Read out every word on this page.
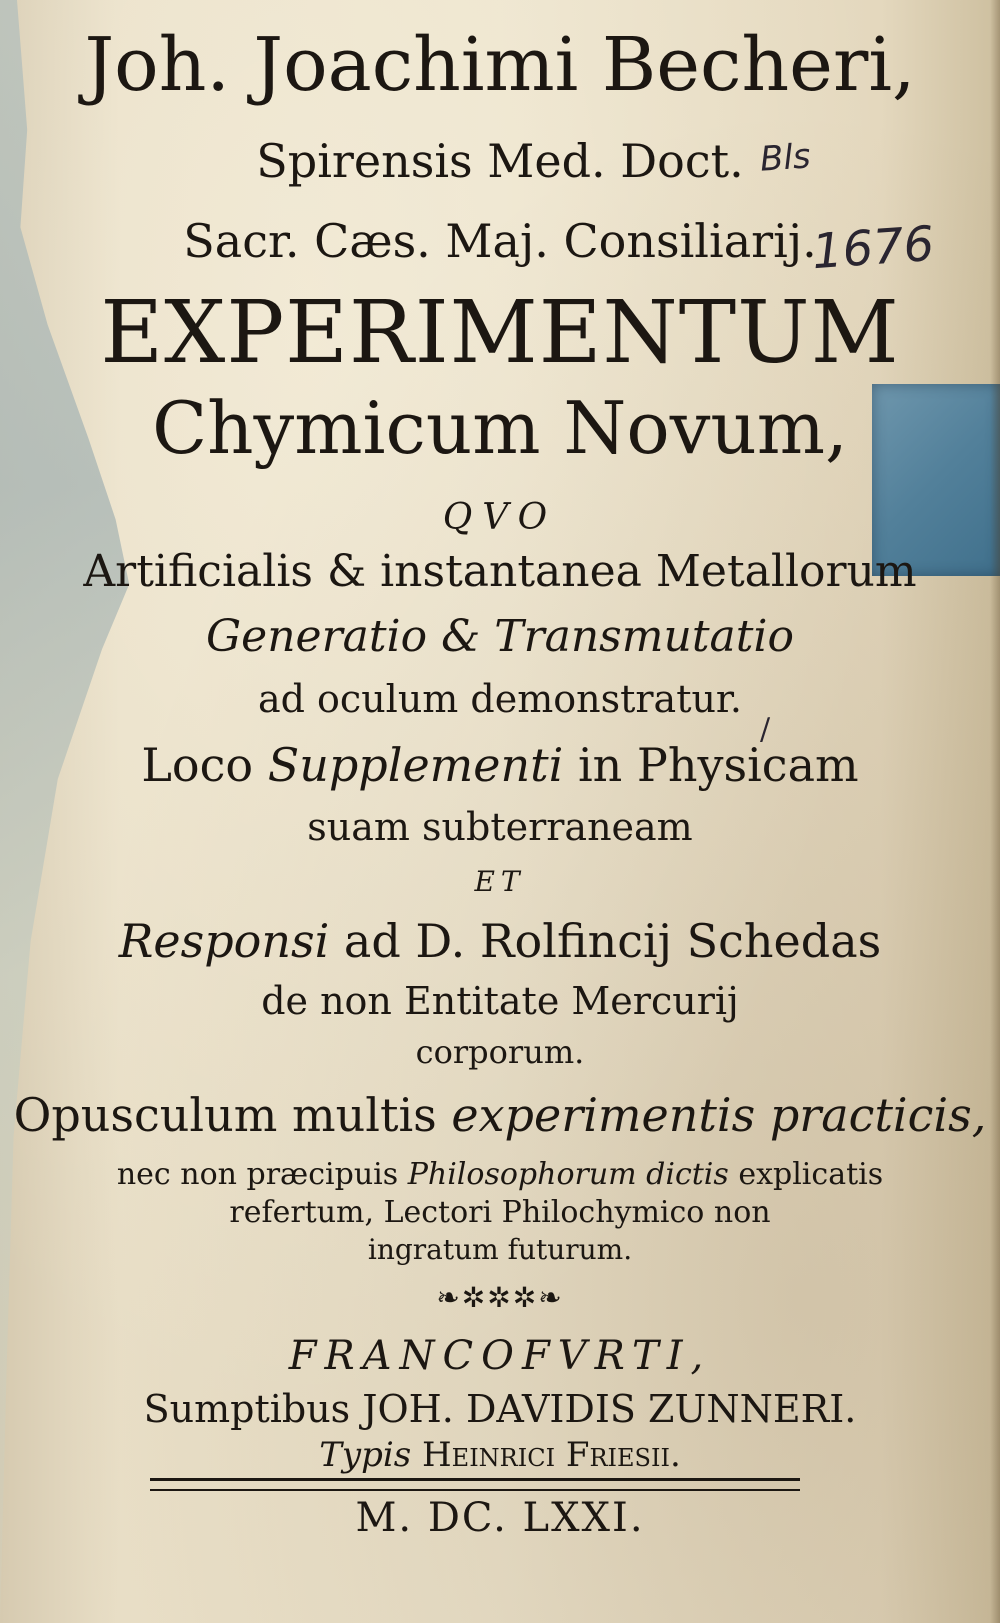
Joh. Joachimi Becheri,
Spirensis Med. Doct.
Sacr. Cæs. Maj. Consiliarij.
EXPERIMENTUM
Chymicum Novum,
QVO
Artificialis & instantanea Metallorum
Generatio & Transmutatio
ad oculum demonstratur.
Loco Supplementi in Physicam
suam subterraneam
ET
Responsi ad D. Rolfincij Schedas
de non Entitate Mercurij
corporum.
Opusculum multis experimentis practicis,
nec non præcipuis Philosophorum dictis explicatis
refertum, Lectori Philochymico non
ingratum futurum.
❧✲✲✲❧
FRANCOFVRTI,
Sumptibus JOH. DAVIDIS ZUNNERI.
Typis Heinrici Friesii.
M. DC. LXXI.
Bls
1676
/
